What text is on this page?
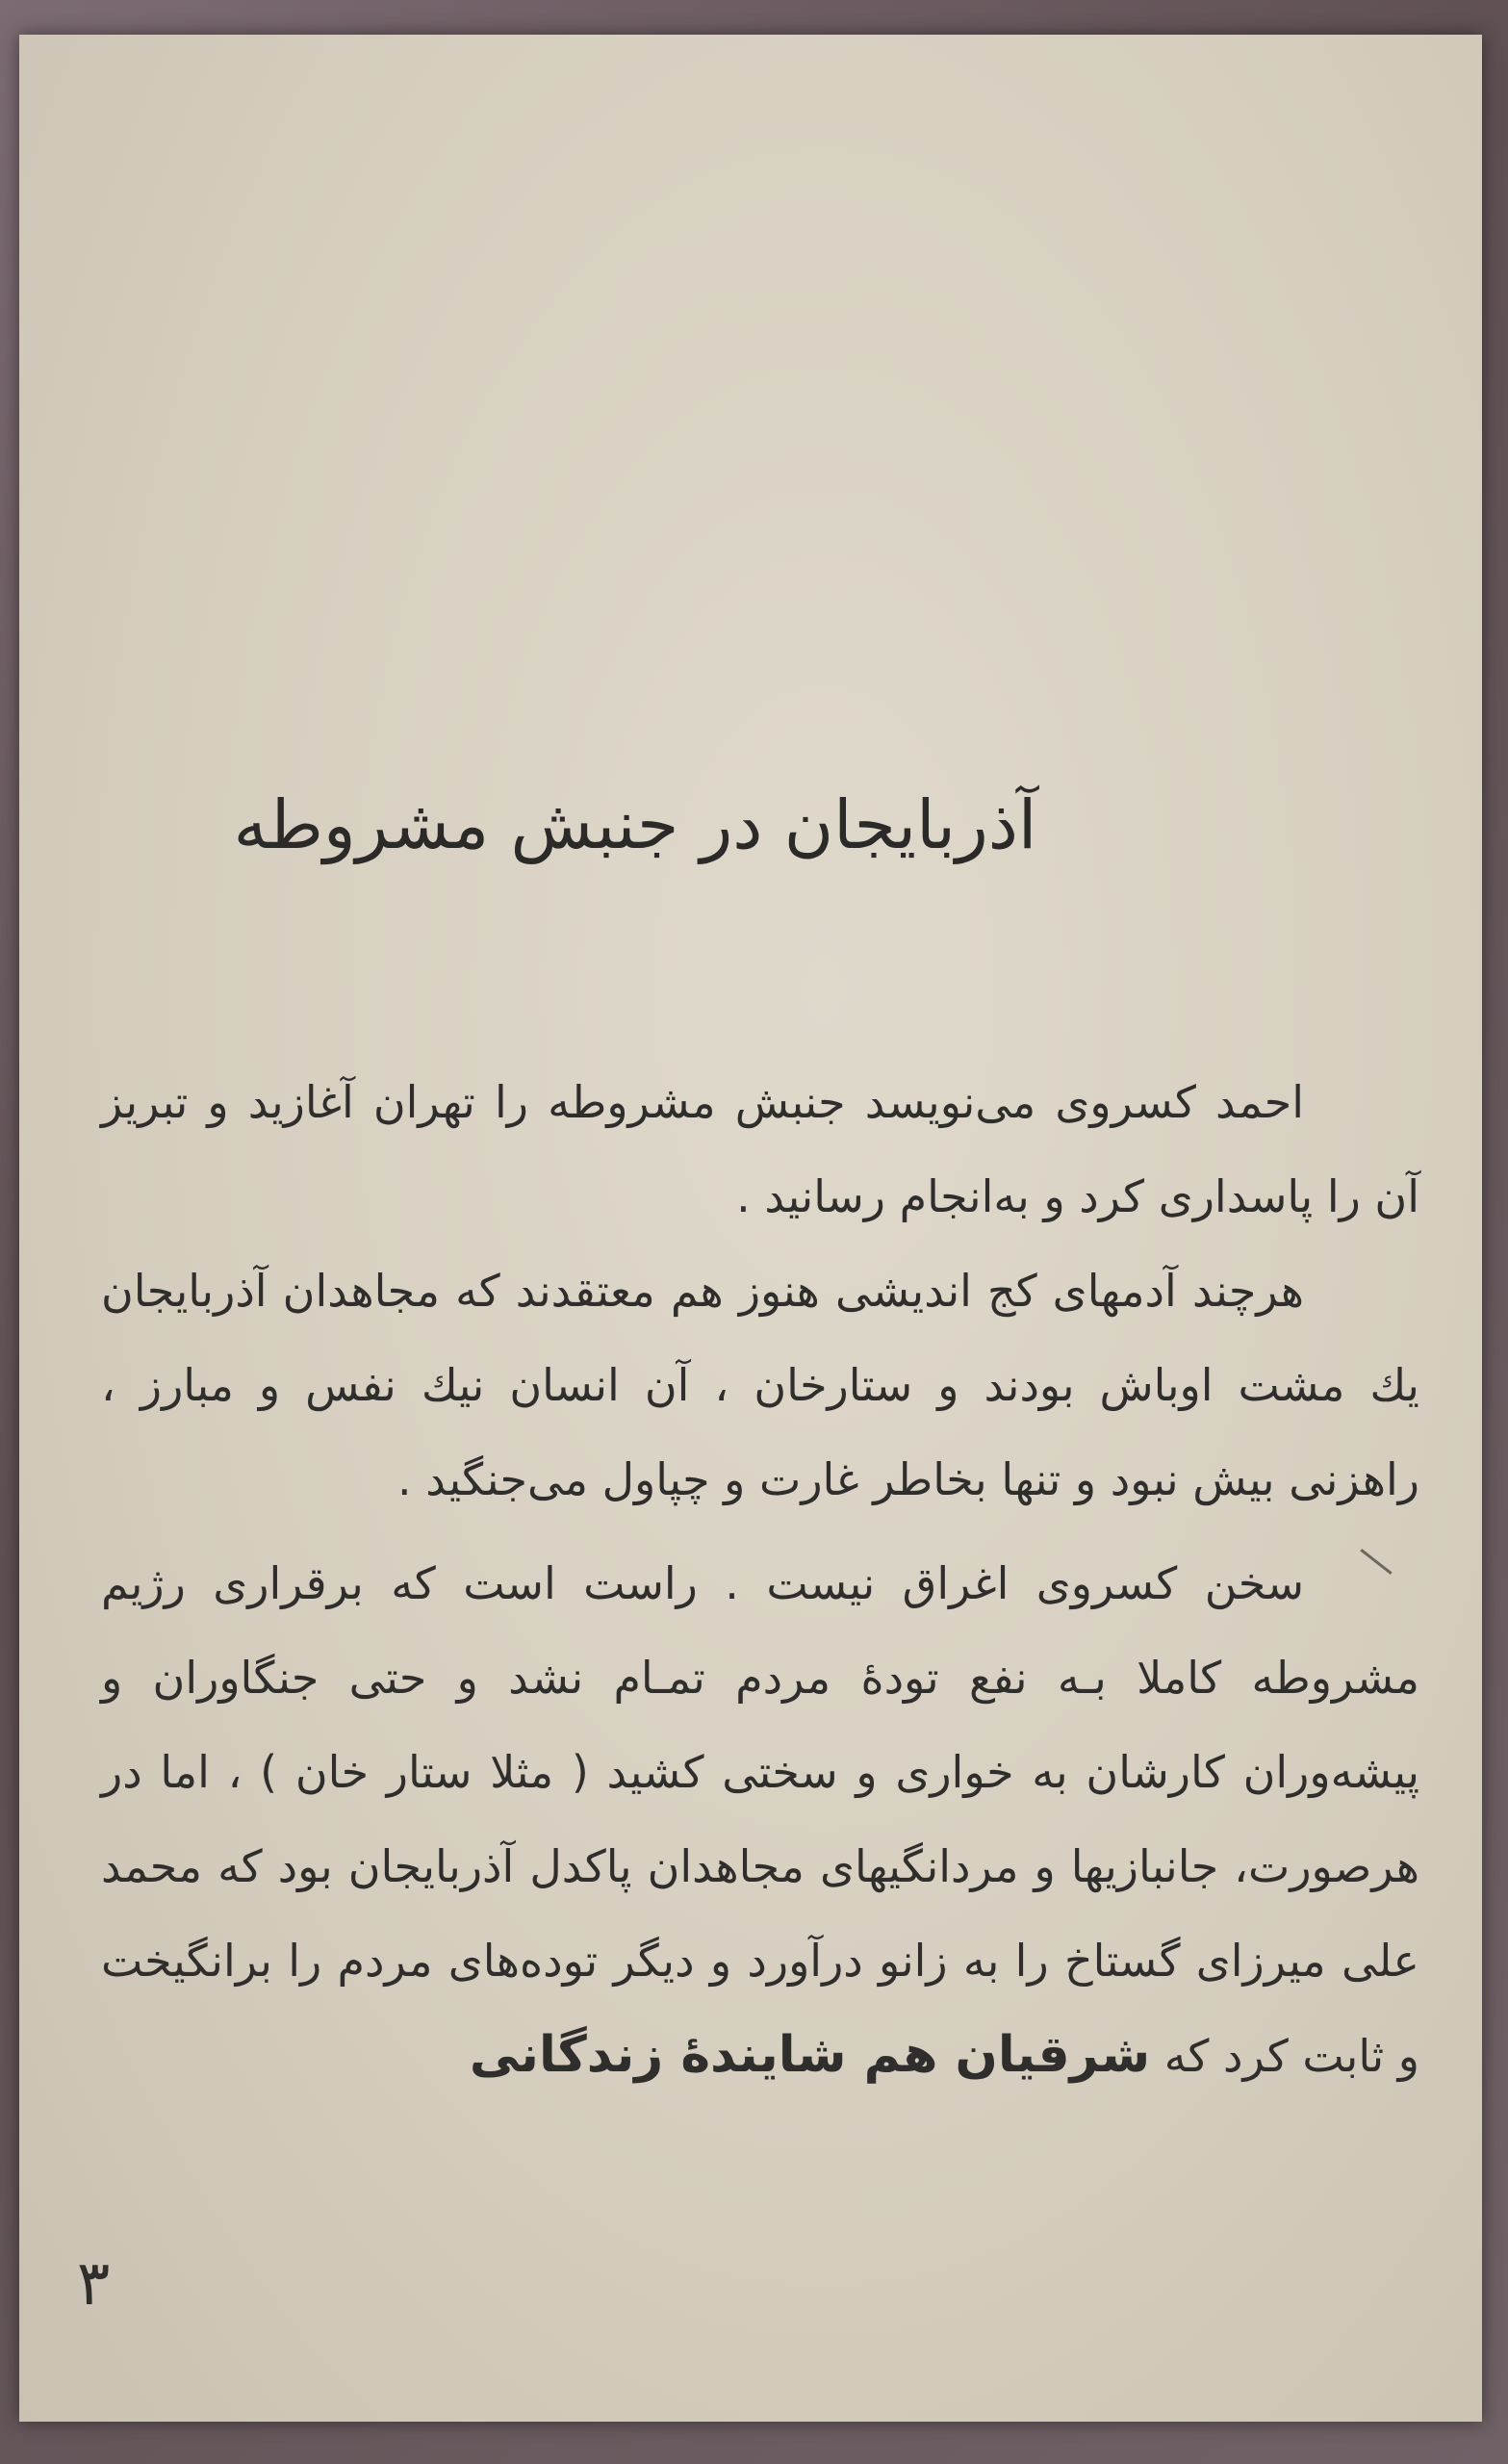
آذربایجان در جنبش مشروطه

احمد کسروی می‌نویسد جنبش مشروطه را تهران آغازید و تبریز آن را پاسداری کرد و به‌انجام رسانید .

هرچند آدمهای کج اندیشی هنوز هم معتقدند که مجاهدان آذربایجان یك مشت اوباش بودند و ستارخان ، آن انسان نیك نفس و مبارز ، راهزنی بیش نبود و تنها بخاطر غارت و چپاول می‌جنگید .

سخن کسروی اغراق نیست . راست است که برقراری رژیم مشروطه کاملا بـه نفع تودهٔ مردم تمـام نشد و حتی جنگاوران و پیشه‌وران کارشان به خواری و سختی کشید ( مثلا ستار خان ) ، اما در هرصورت، جانبازیها و مردانگیهای مجاهدان پاکدل آذربایجان بود که محمد علی میرزای گستاخ را به زانو درآورد و دیگر توده‌های مردم را برانگیخت و ثابت کرد که شرقیان هم شایندهٔ زندگانی

۳
